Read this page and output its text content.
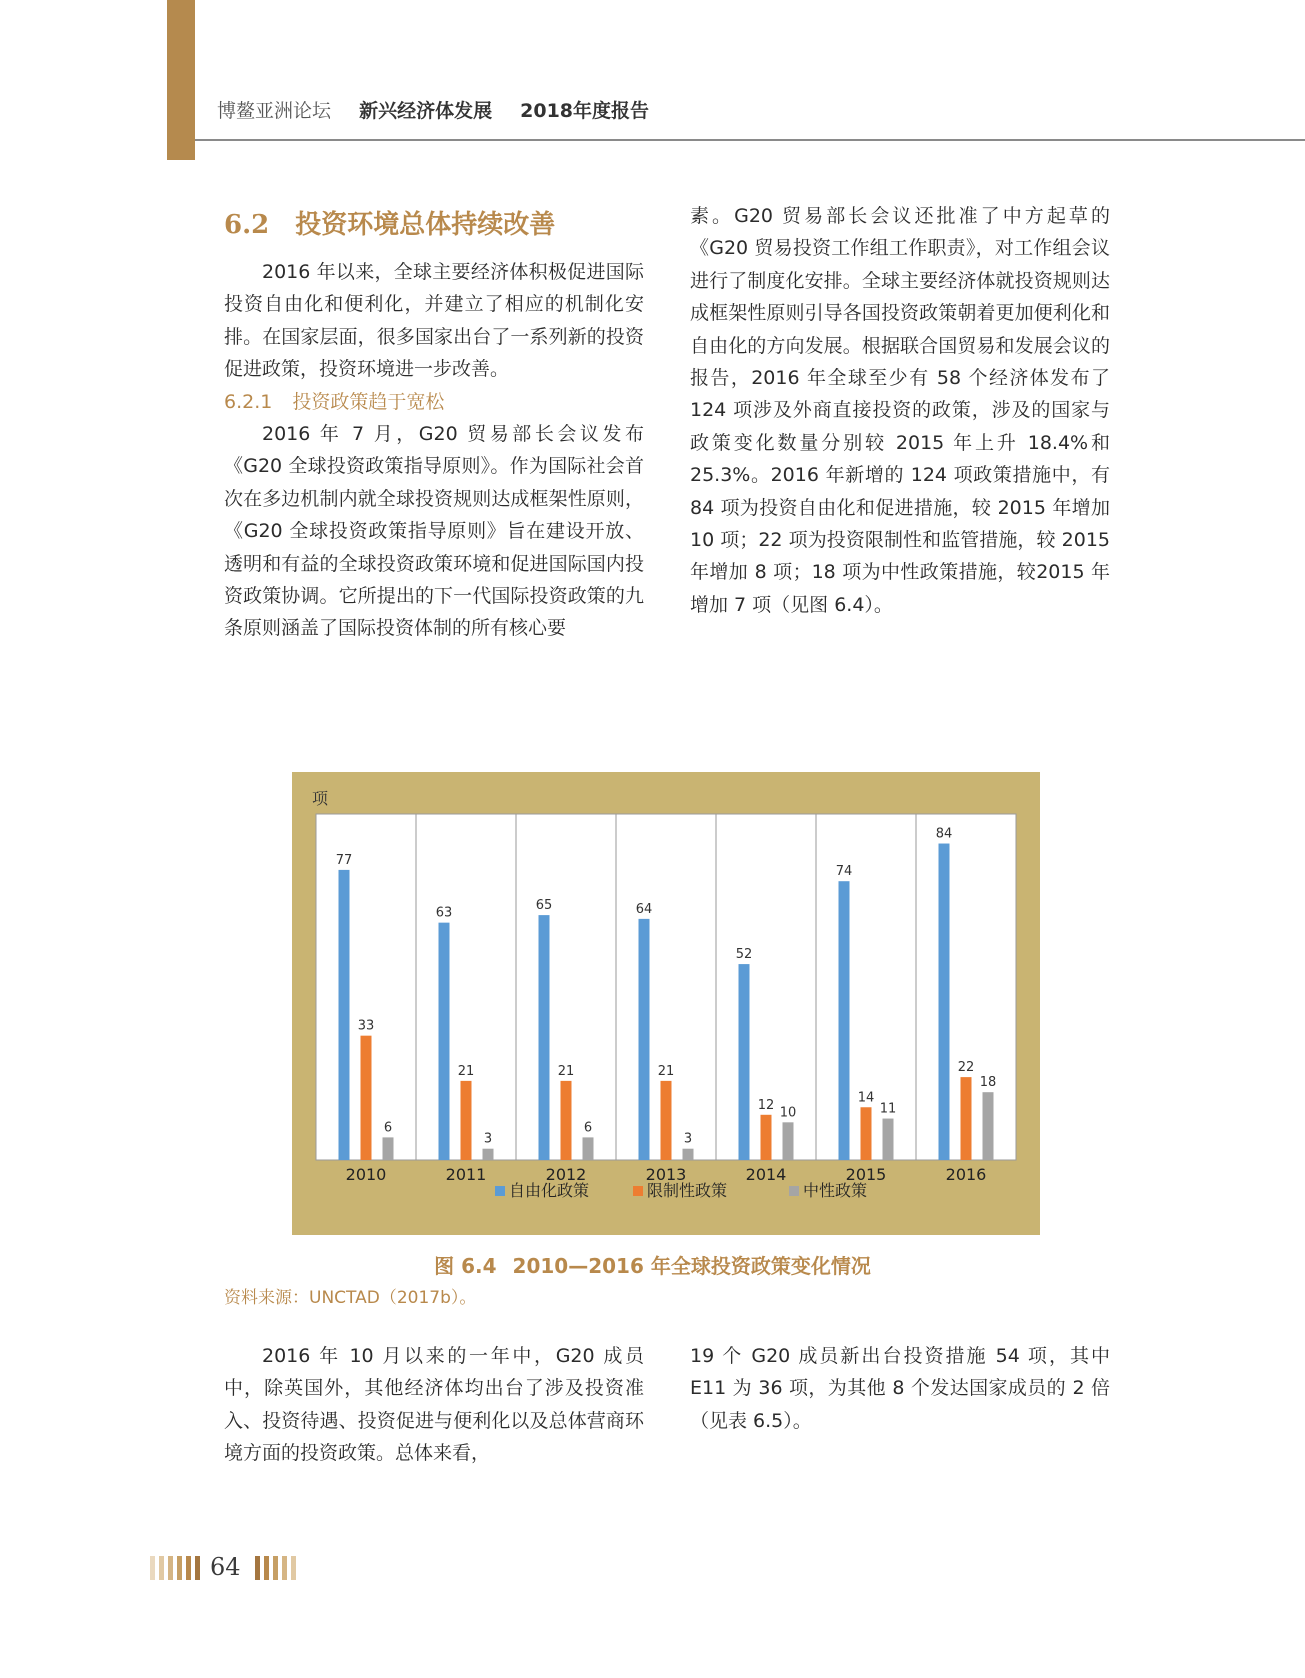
博鳌亚洲论坛 新兴经济体发展 2018年度报告
6.2 投资环境总体持续改善

2016 年以来，全球主要经济体积极促进国际投资自由化和便利化，并建立了相应的机制化安排。在国家层面，很多国家出台了一系列新的投资促进政策，投资环境进一步改善。

6.2.1 投资政策趋于宽松

2016 年 7 月，G20 贸易部长会议发布《G20 全球投资政策指导原则》。作为国际社会首次在多边机制内就全球投资规则达成框架性原则，《G20 全球投资政策指导原则》旨在建设开放、透明和有益的全球投资政策环境和促进国际国内投资政策协调。它所提出的下一代国际投资政策的九条原则涵盖了国际投资体制的所有核心要

素。G20 贸易部长会议还批准了中方起草的《G20 贸易投资工作组工作职责》，对工作组会议进行了制度化安排。全球主要经济体就投资规则达成框架性原则引导各国投资政策朝着更加便利化和自由化的方向发展。根据联合国贸易和发展会议的报告，2016 年全球至少有 58 个经济体发布了 124 项涉及外商直接投资的政策，涉及的国家与政策变化数量分别较 2015 年上升 18.4%和 25.3%。2016 年新增的 124 项政策措施中，有 84 项为投资自由化和促进措施，较 2015 年增加 10 项；22 项为投资限制性和监管措施，较 2015 年增加 8 项；18 项为中性政策措施，较2015 年增加 7 项（见图 6.4）。

项
77
33
6
2010
63
21
3
2011
65
21
6
2012
64
21
3
2013
52
12
10
2014
74
14
11
2015
84
22
18
2016
自由化政策	限制性政策	中性政策
图 6.4 2010—2016 年全球投资政策变化情况
资料来源：UNCTAD（2017b）。

2016 年 10 月以来的一年中，G20 成员中，除英国外，其他经济体均出台了涉及投资准入、投资待遇、投资促进与便利化以及总体营商环境方面的投资政策。总体来看，

19 个 G20 成员新出台投资措施 54 项，其中 E11 为 36 项，为其他 8 个发达国家成员的 2 倍（见表 6.5）。

64
